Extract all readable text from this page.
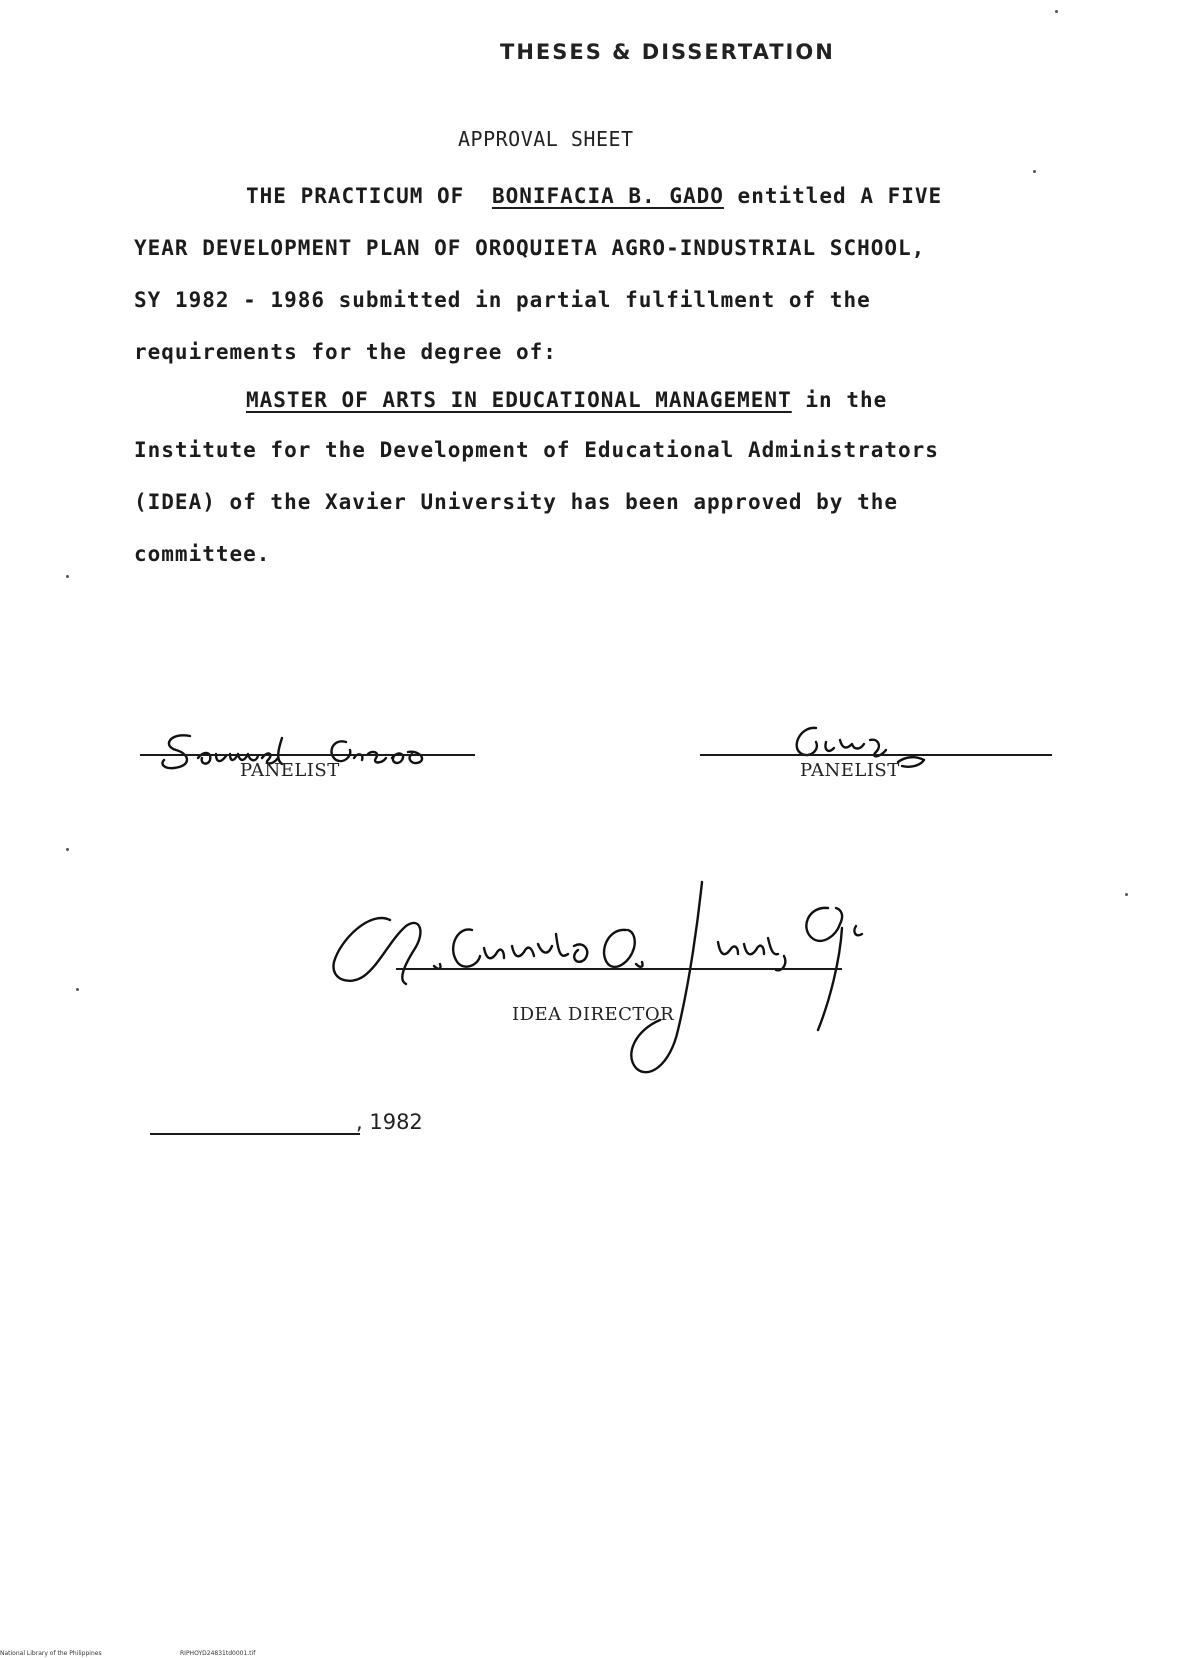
THESES & DISSERTATION
APPROVAL SHEET
THE PRACTICUM OF BONIFACIA B. GADO entitled A FIVE
YEAR DEVELOPMENT PLAN OF OROQUIETA AGRO-INDUSTRIAL SCHOOL,
SY 1982 - 1986 submitted in partial fulfillment of the
requirements for the degree of:
MASTER OF ARTS IN EDUCATIONAL MANAGEMENT in the
Institute for the Development of Educational Administrators
(IDEA) of the Xavier University has been approved by the
committee.
PANELIST	PANELIST
IDEA DIRECTOR
, 1982
National Library of the Philippines	RIPHOYD24831td0001.tif
